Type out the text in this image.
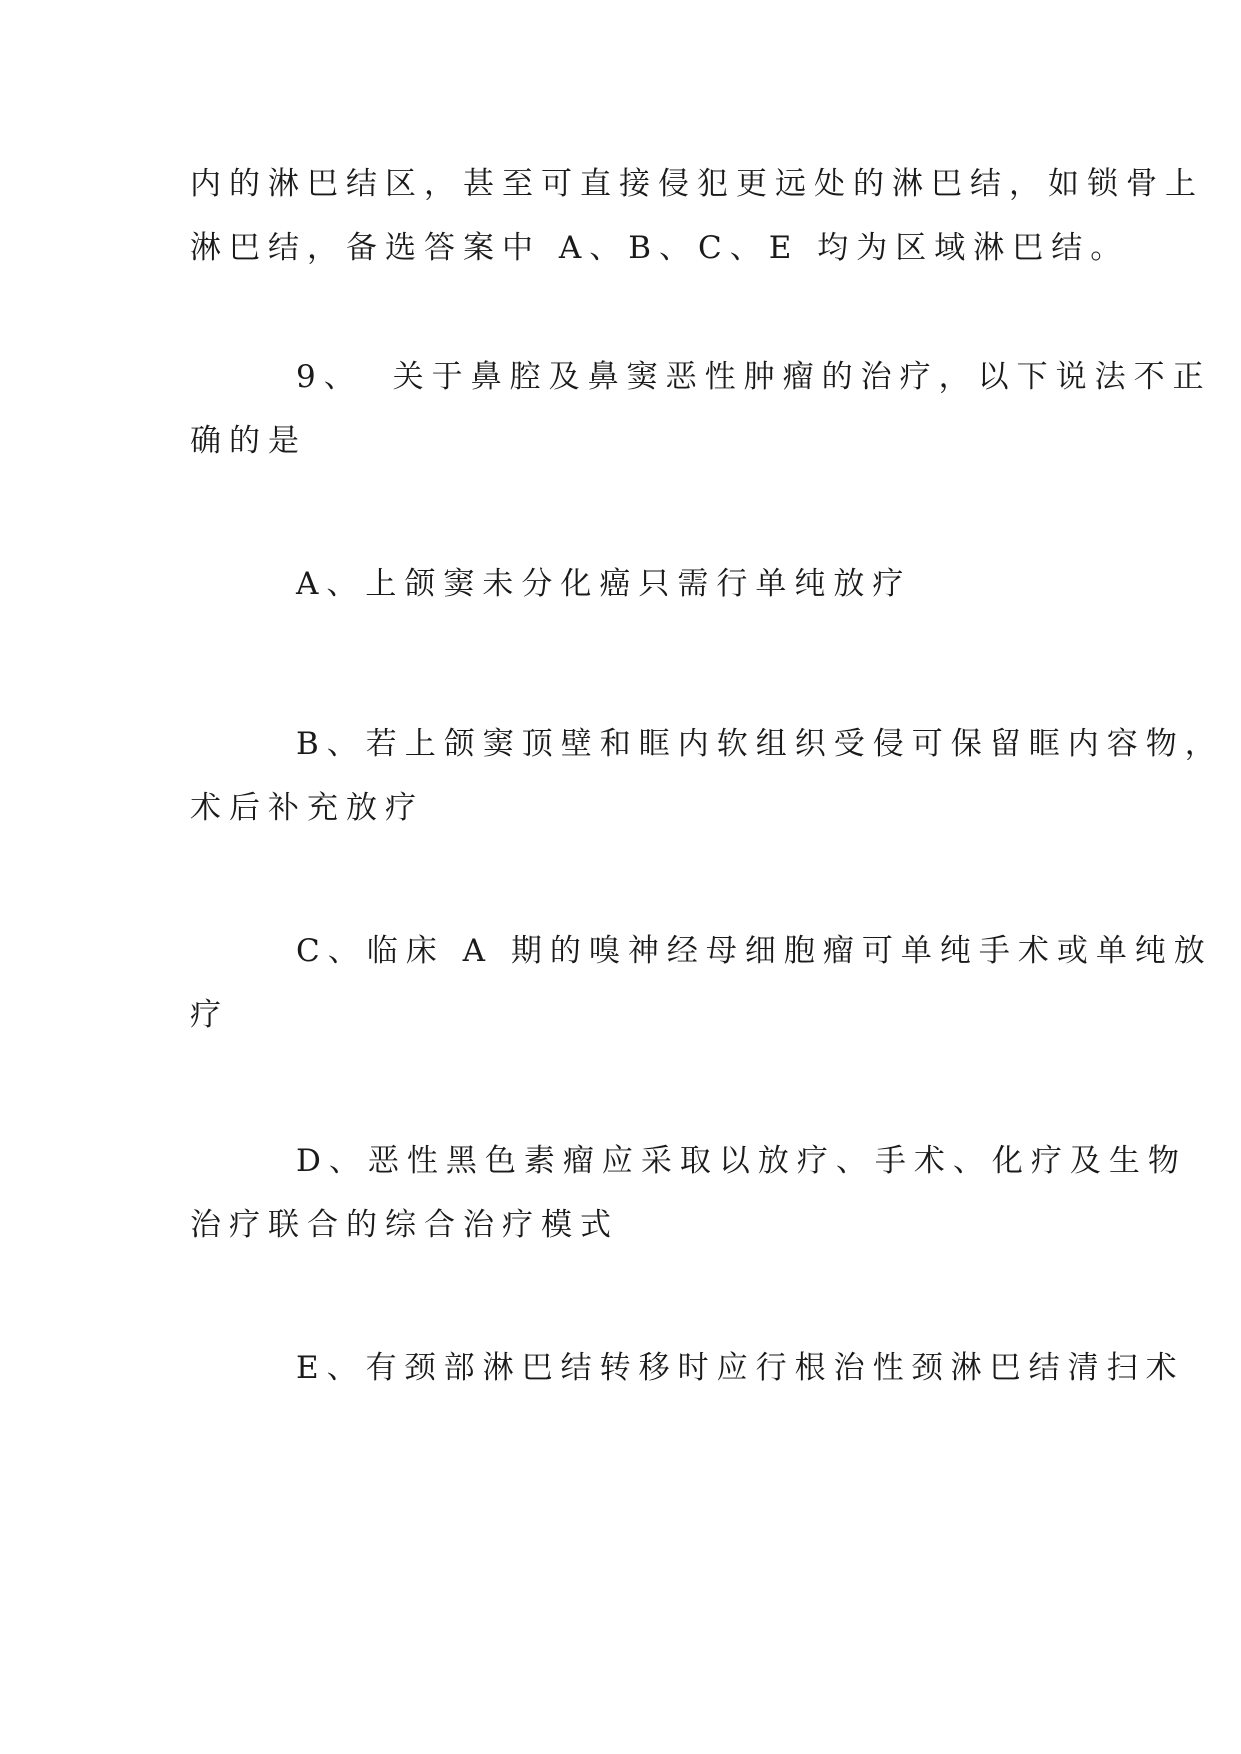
内的淋巴结区，甚至可直接侵犯更远处的淋巴结，如锁骨上
淋巴结，备选答案中 A、B、C、E 均为区域淋巴结。
9、 关于鼻腔及鼻窦恶性肿瘤的治疗，以下说法不正
确的是
A、上颌窦未分化癌只需行单纯放疗
B、若上颌窦顶壁和眶内软组织受侵可保留眶内容物，
术后补充放疗
C、临床 A 期的嗅神经母细胞瘤可单纯手术或单纯放
疗
D、恶性黑色素瘤应采取以放疗、手术、化疗及生物
治疗联合的综合治疗模式
E、有颈部淋巴结转移时应行根治性颈淋巴结清扫术
